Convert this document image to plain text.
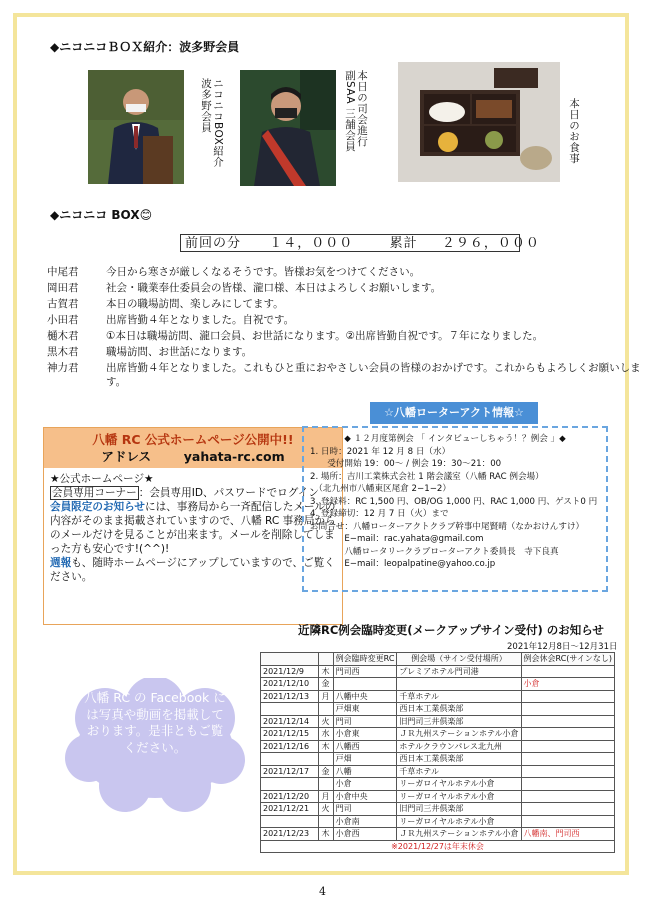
◆ニコニコＢＯＸ紹介：波多野会員
ニコニコBOX紹介
波多野会員	本日の司会進行
副SAA 三舗会員	本日のお食事
◆ニコニコ BOX😊
前回の分 １４，０００	累計 ２９６，０００
中尾君	今日から寒さが厳しくなるそうです。皆様お気をつけてください。
岡田君	社会・職業奉仕委員会の皆様、瀧口様、本日はよろしくお願いします。
古賀君	本日の職場訪問、楽しみにしてます。
小田君	出席皆勤４年となりました。自祝です。
樋木君	①本日は職場訪問、瀧口会員、お世話になります。②出席皆勤自祝です。７年になりました。
黒木君	職場訪問、お世話になります。
神力君	出席皆勤４年となりました。これもひと重におやさしい会員の皆様のおかげです。これからもよろしくお願いします。
八幡 RC 公式ホームページ公開中!!
アドレス	yahata-rc.com
★公式ホームページ★
会員専用コーナー ：会員専用ID、パスワードでログイン
会員限定のお知らせには、事務局から一斉配信したメールの内容がそのまま掲載されていますので、八幡 RC 事務局からのメールだけを見ることが出来ます。メールを削除してしまった方も安心です!(^^)!
週報も、随時ホームページにアップしていますので、ご覧ください。
☆八幡ローターアクト情報☆
◆ １２月度第例会 「 インタビューしちゃう！？例会 」◆
1. 日時：2021 年 12 月 8 日（水）
　　受付開始 19：00～ / 例会 19：30～21：00
2. 場所：吉川工業株式会社 1 階会議室（八幡 RAC 例会場）
　（北九州市八幡東区尾倉 2−1−2）
3. 登録料：RC 1,500 円、OB/OG 1,000 円、RAC 1,000 円、ゲスト0 円
4. 登録締切：12 月 7 日（火）まで
お問合せ：八幡ローターアクトクラブ幹事中尾賢晴（なかおけんすけ）
　　　　E−mail：rac.yahata@gmail.com
　　　　八幡ロータリークラブローターアクト委員長　寺下良真
　　　　E−mail：leopalpatine@yahoo.co.jp
近隣RC例会臨時変更(メークアップサイン受付) のお知らせ
2021年12月8日〜12月31日
		例会臨時変更RC	例会場（サイン受付場所）	例会休会RC(サインなし)
2021/12/9	木	門司西	プレミアホテル門司港	
2021/12/10	金			小倉
2021/12/13	月	八幡中央	千草ホテル	
		戸畑東	西日本工業倶楽部	
2021/12/14	火	門司	旧門司三井倶楽部	
2021/12/15	水	小倉東	ＪＲ九州ステーションホテル小倉	
2021/12/16	木	八幡西	ホテルクラウンパレス北九州	
		戸畑	西日本工業倶楽部	
2021/12/17	金	八幡	千草ホテル	
		小倉	リーガロイヤルホテル小倉	
2021/12/20	月	小倉中央	リーガロイヤルホテル小倉	
2021/12/21	火	門司	旧門司三井倶楽部	
		小倉南	リーガロイヤルホテル小倉	
2021/12/23	木	小倉西	ＪＲ九州ステーションホテル小倉	八幡南、門司西
※2021/12/27は年末休会				
八幡 RC の Facebook には写真や動画を掲載しております。是非ともご覧ください。
4
